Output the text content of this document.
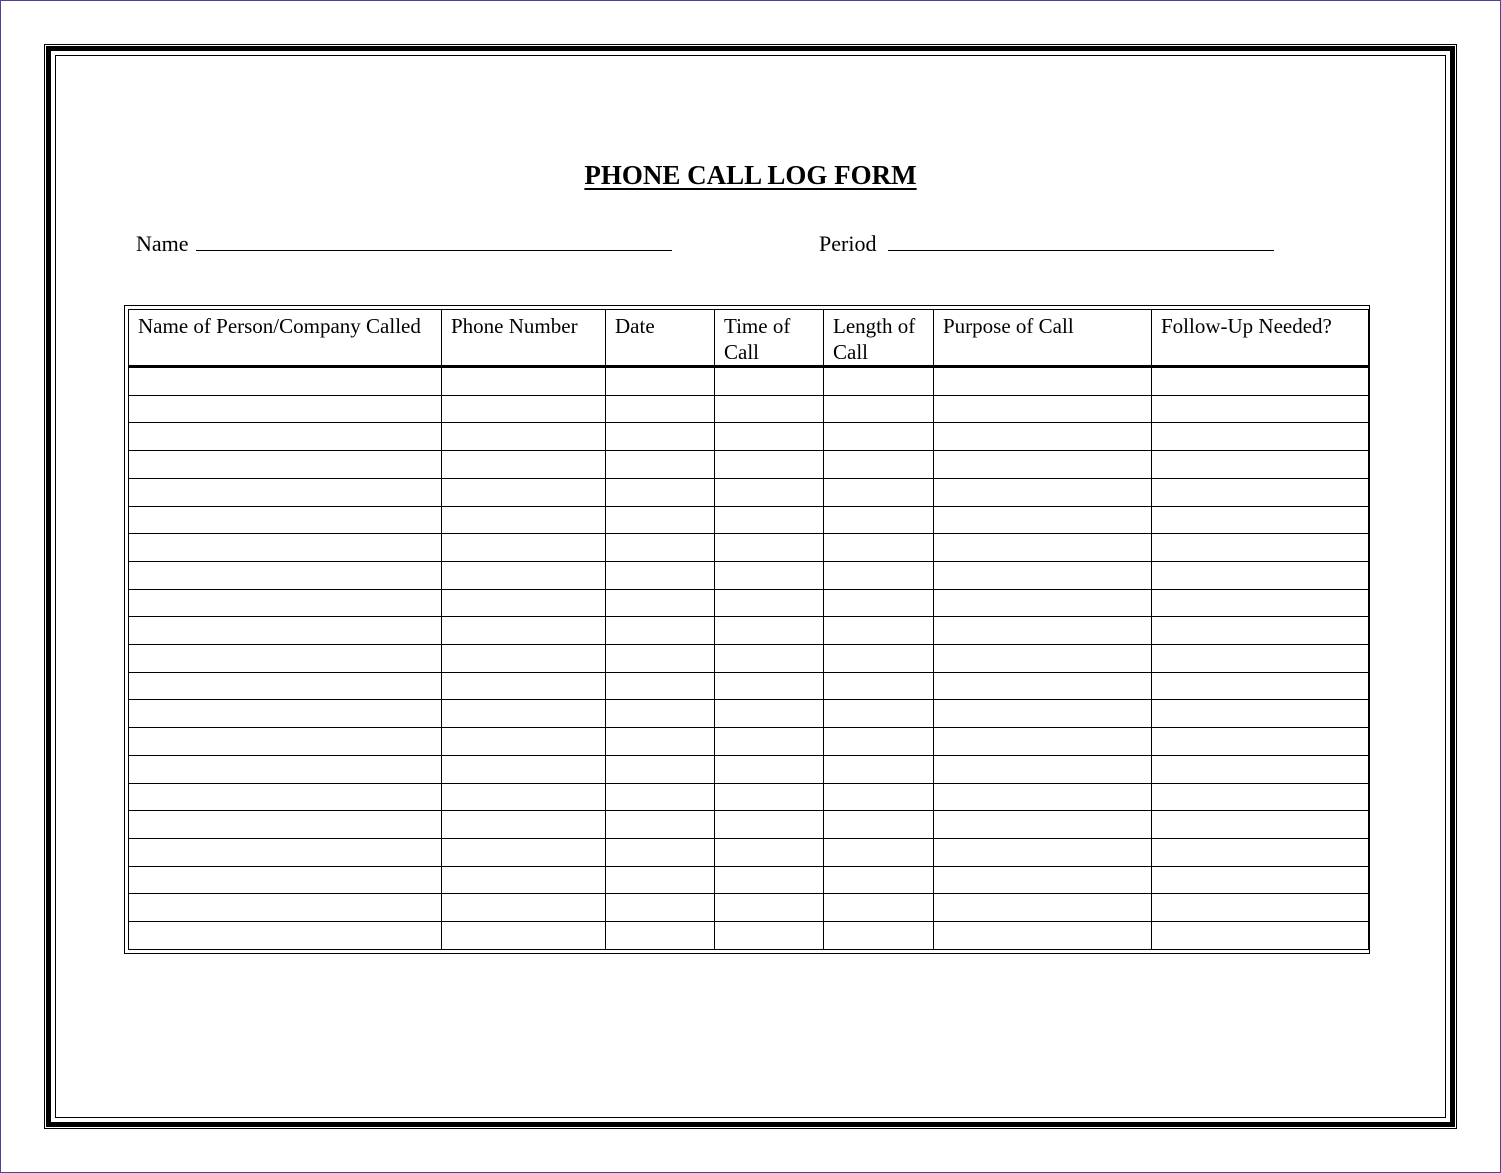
PHONE CALL LOG FORM
Name	Period
Name of Person/Company Called	Phone Number	Date	Time of Call	Length of Call	Purpose of Call	Follow-Up Needed?
